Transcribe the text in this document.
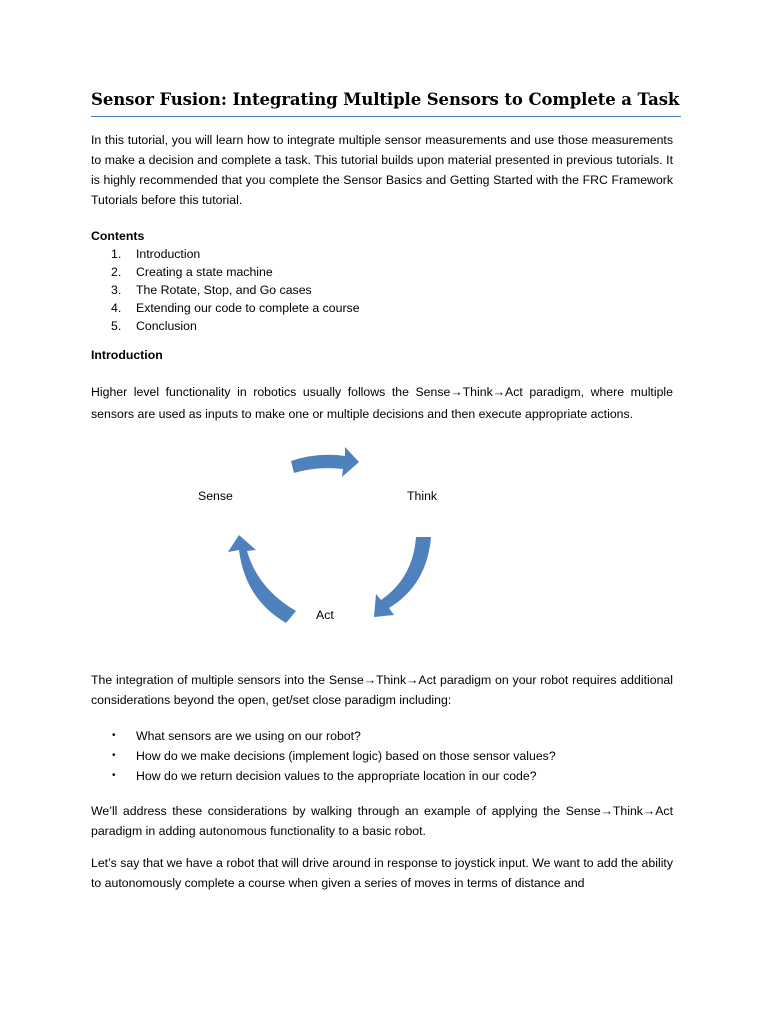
Sensor Fusion: Integrating Multiple Sensors to Complete a Task

In this tutorial, you will learn how to integrate multiple sensor measurements and use those measurements to make a decision and complete a task. This tutorial builds upon material presented in previous tutorials. It is highly recommended that you complete the Sensor Basics and Getting Started with the FRC Framework Tutorials before this tutorial.

Contents

1.	Introduction
2.	Creating a state machine
3.	The Rotate, Stop, and Go cases
4.	Extending our code to complete a course
5.	Conclusion

Introduction

Higher level functionality in robotics usually follows the Sense→Think→Act paradigm, where multiple sensors are used as inputs to make one or multiple decisions and then execute appropriate actions.

Sense	Think
Act

The integration of multiple sensors into the Sense→Think→Act paradigm on your robot requires additional considerations beyond the open, get/set close paradigm including:

•	What sensors are we using on our robot?
•	How do we make decisions (implement logic) based on those sensor values?
•	How do we return decision values to the appropriate location in our code?

We’ll address these considerations by walking through an example of applying the Sense→Think→Act paradigm in adding autonomous functionality to a basic robot.

Let’s say that we have a robot that will drive around in response to joystick input. We want to add the ability to autonomously complete a course when given a series of moves in terms of distance and
